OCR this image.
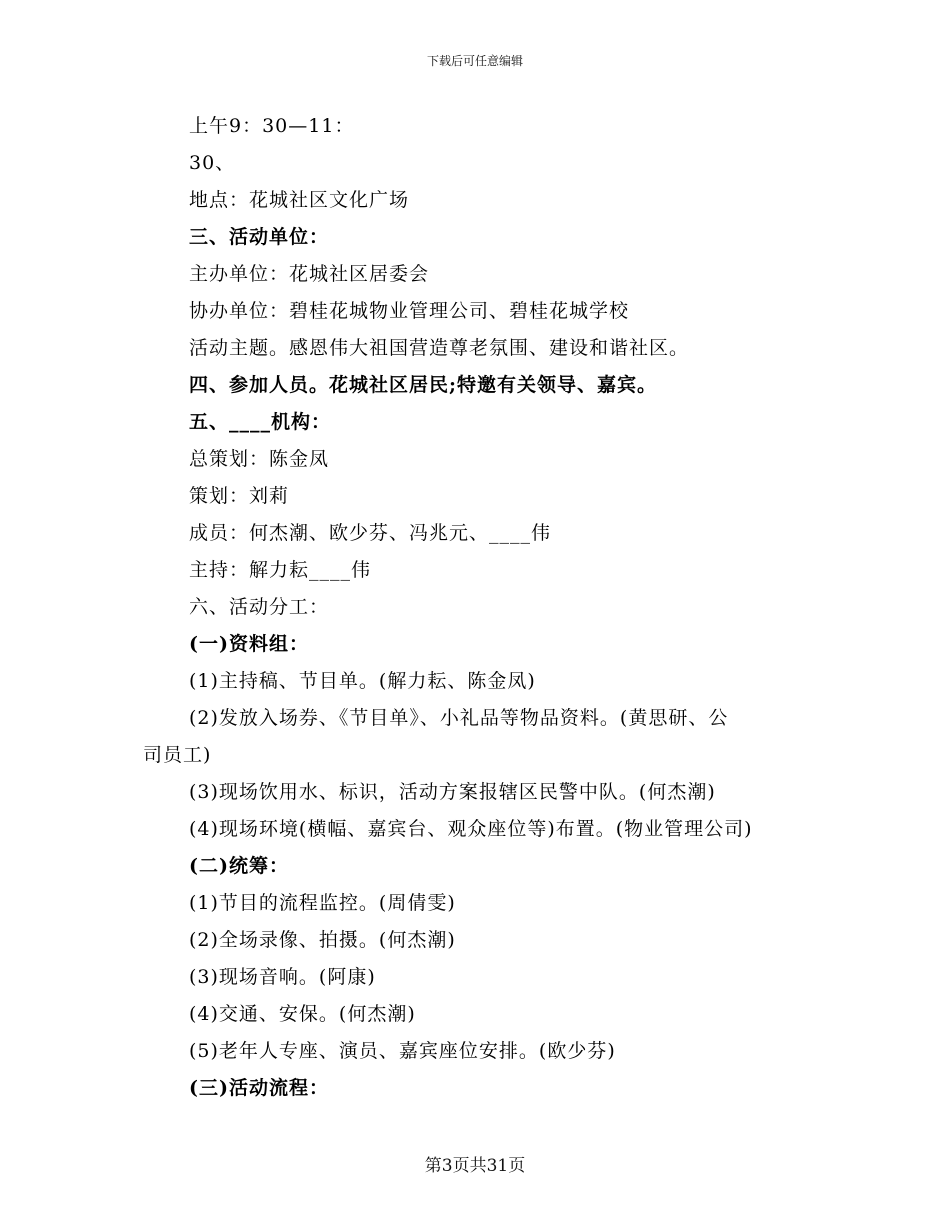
下载后可任意编辑
上午9：30—11：
30、
地点：花城社区文化广场
三、活动单位：
主办单位：花城社区居委会
协办单位：碧桂花城物业管理公司、碧桂花城学校
活动主题。感恩伟大祖国营造尊老氛围、建设和谐社区。
四、参加人员。花城社区居民;特邀有关领导、嘉宾。
五、____机构：
总策划：陈金凤
策划：刘莉
成员：何杰潮、欧少芬、冯兆元、____伟
主持：解力耘____伟
六、活动分工：
(一)资料组：
(1)主持稿、节目单。(解力耘、陈金凤)
(2)发放入场券、《节目单》、小礼品等物品资料。(黄思研、公
司员工)
(3)现场饮用水、标识，活动方案报辖区民警中队。(何杰潮)
(4)现场环境(横幅、嘉宾台、观众座位等)布置。(物业管理公司)
(二)统筹：
(1)节目的流程监控。(周倩雯)
(2)全场录像、拍摄。(何杰潮)
(3)现场音响。(阿康)
(4)交通、安保。(何杰潮)
(5)老年人专座、演员、嘉宾座位安排。(欧少芬)
(三)活动流程：
第3页共31页
